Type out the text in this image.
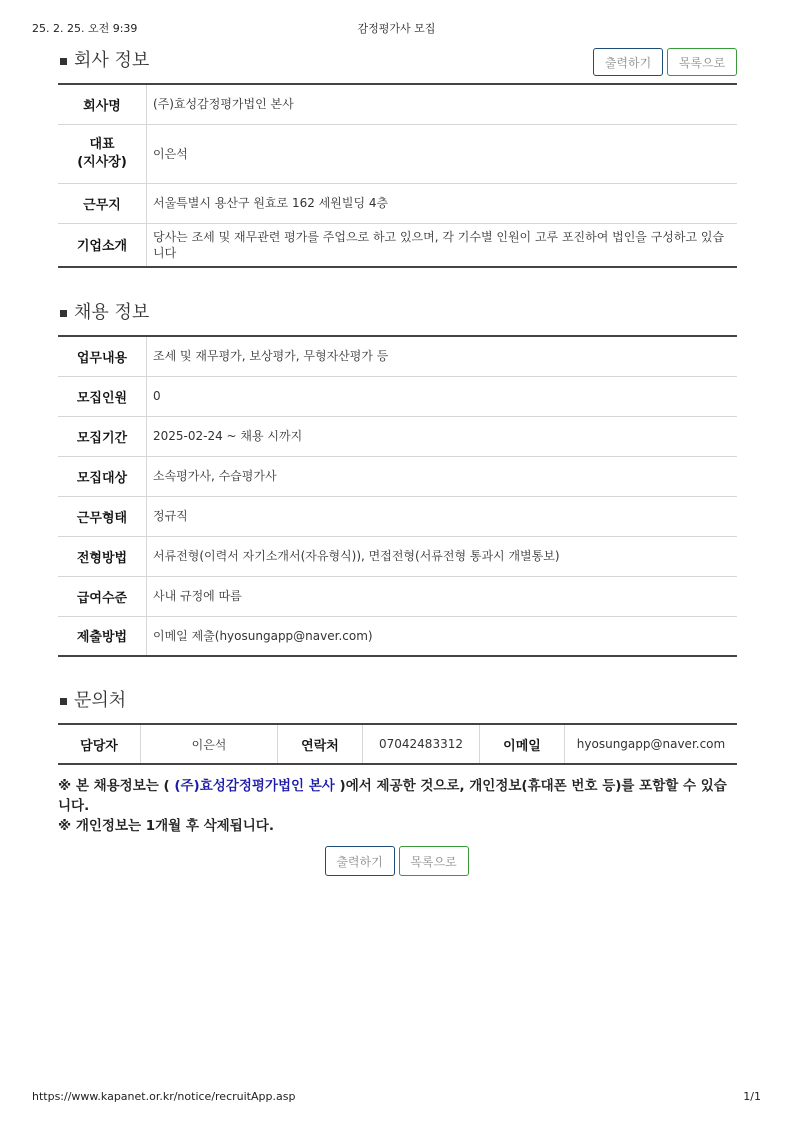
25. 2. 25. 오전 9:39	감정평가사 모집
회사 정보	출력하기	목록으로
회사명	(주)효성감정평가법인 본사
대표
(지사장)	이은석
근무지	서울특별시 용산구 원효로 162 세원빌딩 4층
기업소개	당사는 조세 및 재무관련 평가를 주업으로 하고 있으며, 각 기수별 인원이 고루 포진하여 법인을 구성하고 있습니다
채용 정보
업무내용	조세 및 재무평가, 보상평가, 무형자산평가 등
모집인원	0
모집기간	2025-02-24 ~ 채용 시까지
모집대상	소속평가사, 수습평가사
근무형태	정규직
전형방법	서류전형(이력서 자기소개서(자유형식)), 면접전형(서류전형 통과시 개별통보)
급여수준	사내 규정에 따름
제출방법	이메일 제출(hyosungapp@naver.com)
문의처
담당자	이은석	연락처	07042483312	이메일	hyosungapp@naver.com
※ 본 채용정보는 ( (주)효성감정평가법인 본사 )에서 제공한 것으로, 개인정보(휴대폰 번호 등)를 포함할 수 있습니다.
※ 개인정보는 1개월 후 삭제됩니다.
출력하기	목록으로
https://www.kapanet.or.kr/notice/recruitApp.asp	1/1
